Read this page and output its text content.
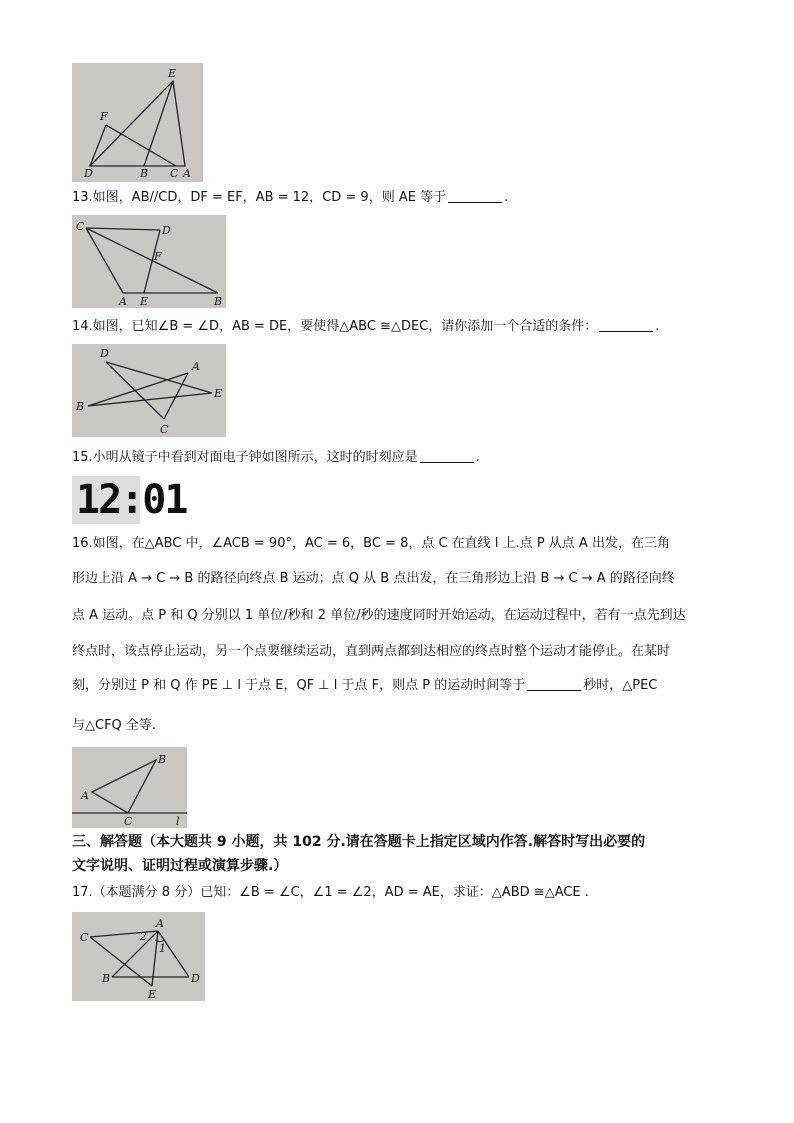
E
F
D	B C A
13.如图，AB//CD，DF = EF，AB = 12，CD = 9，则 AE 等于	.
C	D
F
A E	B
14.如图，已知∠B = ∠D，AB = DE，要使得△ABC ≅△DEC，请你添加一个合适的条件：	.
D
A
E
B
C
15.小明从镜子中看到对面电子钟如图所示，这时的时刻应是	.
12:01
16.如图，在△ABC 中，∠ACB = 90°，AC = 6，BC = 8，点 C 在直线 l 上.点 P 从点 A 出发，在三角
形边上沿 A → C → B 的路径向终点 B 运动；点 Q 从 B 点出发，在三角形边上沿 B → C → A 的路径向终
点 A 运动。点 P 和 Q 分别以 1 单位/秒和 2 单位/秒的速度同时开始运动，在运动过程中，若有一点先到达
终点时，该点停止运动，另一个点要继续运动，直到两点都到达相应的终点时整个运动才能停止。在某时
刻，分别过 P 和 Q 作 PE ⊥ l 于点 E，QF ⊥ l 于点 F，则点 P 的运动时间等于	秒时，△PEC
与△CFQ 全等.
B
A
C	l
三、解答题（本大题共 9 小题，共 102 分.请在答题卡上指定区域内作答.解答时写出必要的
文字说明、证明过程或演算步骤.）
17.（本题满分 8 分）已知：∠B = ∠C，∠1 = ∠2，AD = AE，求证：△ABD ≅△ACE .
C
A
2
1
B
E
D
